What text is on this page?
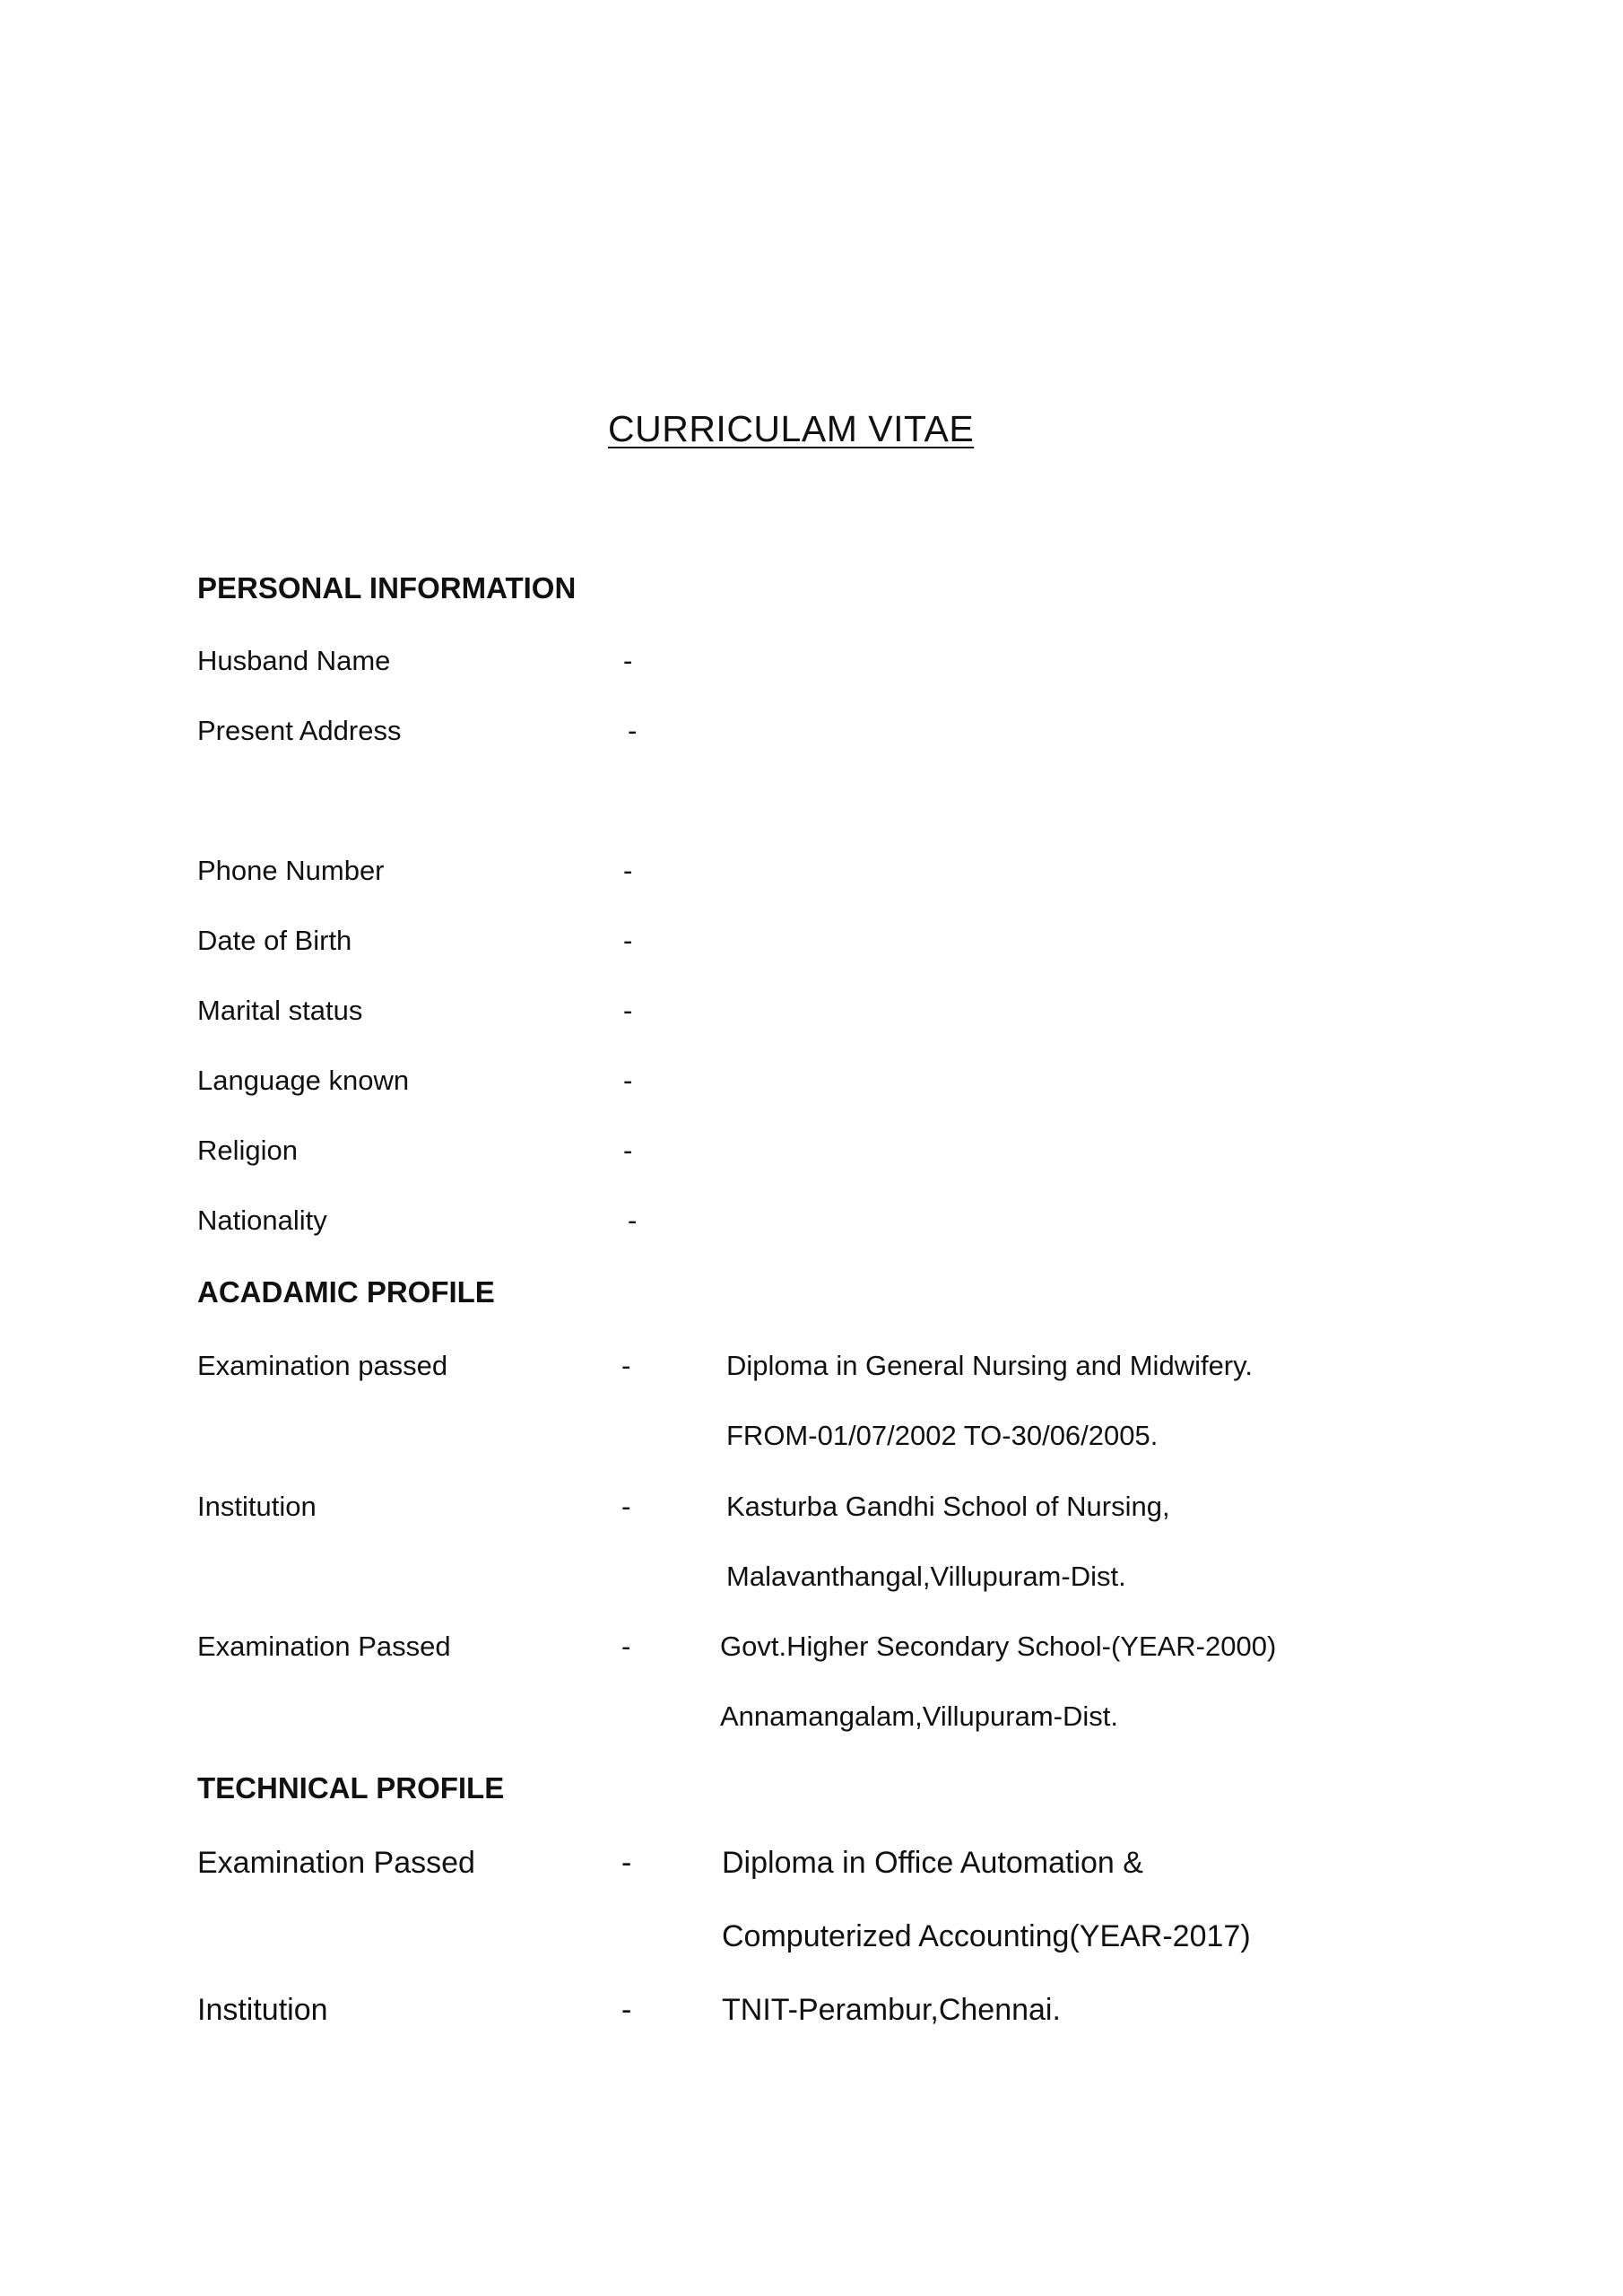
CURRICULAM VITAE
PERSONAL INFORMATION
Husband Name	-
Present Address	-
Phone Number	-
Date of Birth	-
Marital status	-
Language known	-
Religion	-
Nationality	-
ACADAMIC PROFILE
Examination passed	-	Diploma in General Nursing and Midwifery.
FROM-01/07/2002 TO-30/06/2005.
Institution	-	Kasturba Gandhi School of Nursing,
Malavanthangal,Villupuram-Dist.
Examination Passed	-	Govt.Higher Secondary School-(YEAR-2000)
Annamangalam,Villupuram-Dist.
TECHNICAL PROFILE
Examination Passed	-	Diploma in Office Automation &
Computerized Accounting(YEAR-2017)
Institution	-	TNIT-Perambur,Chennai.
